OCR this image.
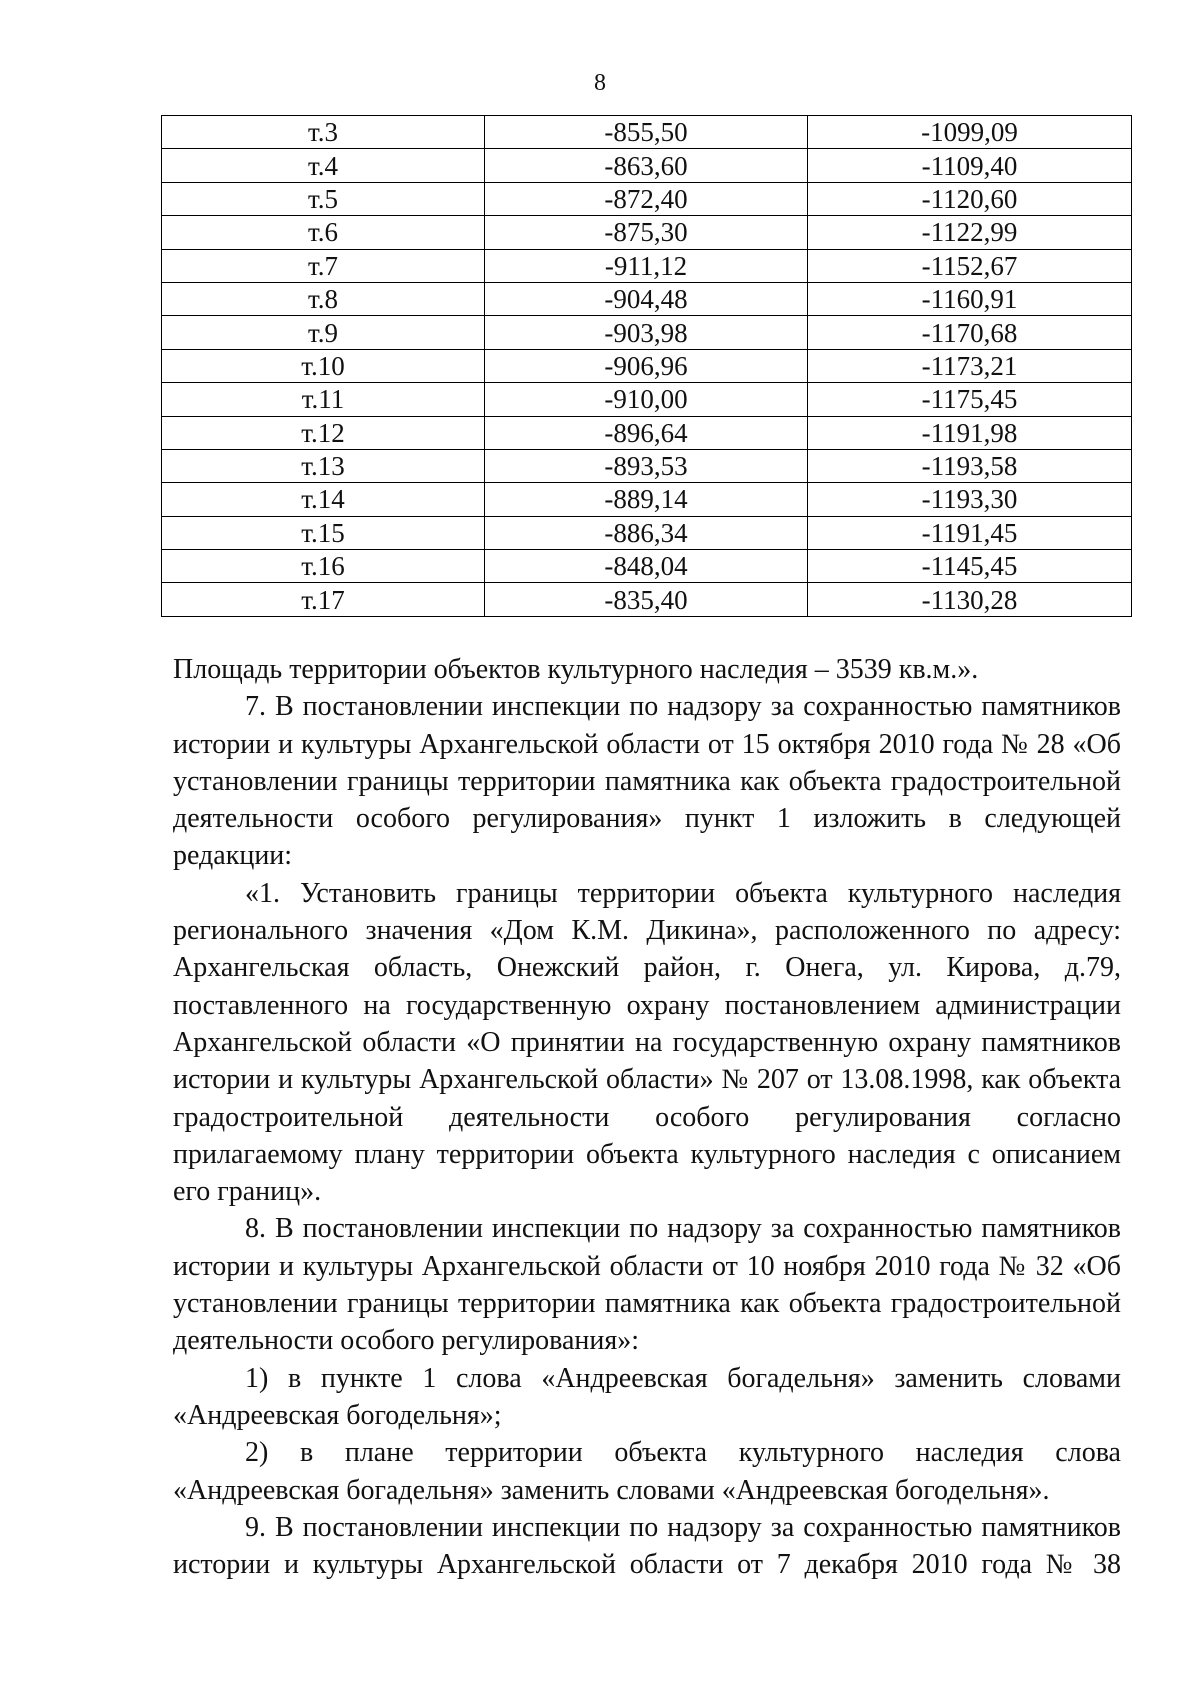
8
т.3	-855,50	-1099,09
т.4	-863,60	-1109,40
т.5	-872,40	-1120,60
т.6	-875,30	-1122,99
т.7	-911,12	-1152,67
т.8	-904,48	-1160,91
т.9	-903,98	-1170,68
т.10	-906,96	-1173,21
т.11	-910,00	-1175,45
т.12	-896,64	-1191,98
т.13	-893,53	-1193,58
т.14	-889,14	-1193,30
т.15	-886,34	-1191,45
т.16	-848,04	-1145,45
т.17	-835,40	-1130,28

Площадь территории объектов культурного наследия – 3539 кв.м.».

7. В постановлении инспекции по надзору за сохранностью памятников истории и культуры Архангельской области от 15 октября 2010 года № 28 «Об установлении границы территории памятника как объекта градостроительной деятельности особого регулирования» пункт 1 изложить в следующей редакции:

«1. Установить границы территории объекта культурного наследия регионального значения «Дом К.М. Дикина», расположенного по адресу: Архангельская область, Онежский район, г. Онега, ул. Кирова, д.79, поставленного на государственную охрану постановлением администрации Архангельской области «О принятии на государственную охрану памятников истории и культуры Архангельской области» № 207 от 13.08.1998, как объекта градостроительной деятельности особого регулирования согласно прилагаемому плану территории объекта культурного наследия с описанием его границ».

8. В постановлении инспекции по надзору за сохранностью памятников истории и культуры Архангельской области от 10 ноября 2010 года № 32 «Об установлении границы территории памятника как объекта градостроительной деятельности особого регулирования»:

1) в пункте 1 слова «Андреевская богадельня» заменить словами «Андреевская богодельня»;

2) в плане территории объекта культурного наследия слова «Андреевская богадельня» заменить словами «Андреевская богодельня».

9. В постановлении инспекции по надзору за сохранностью памятников истории и культуры Архангельской области от 7 декабря 2010 года № 38
